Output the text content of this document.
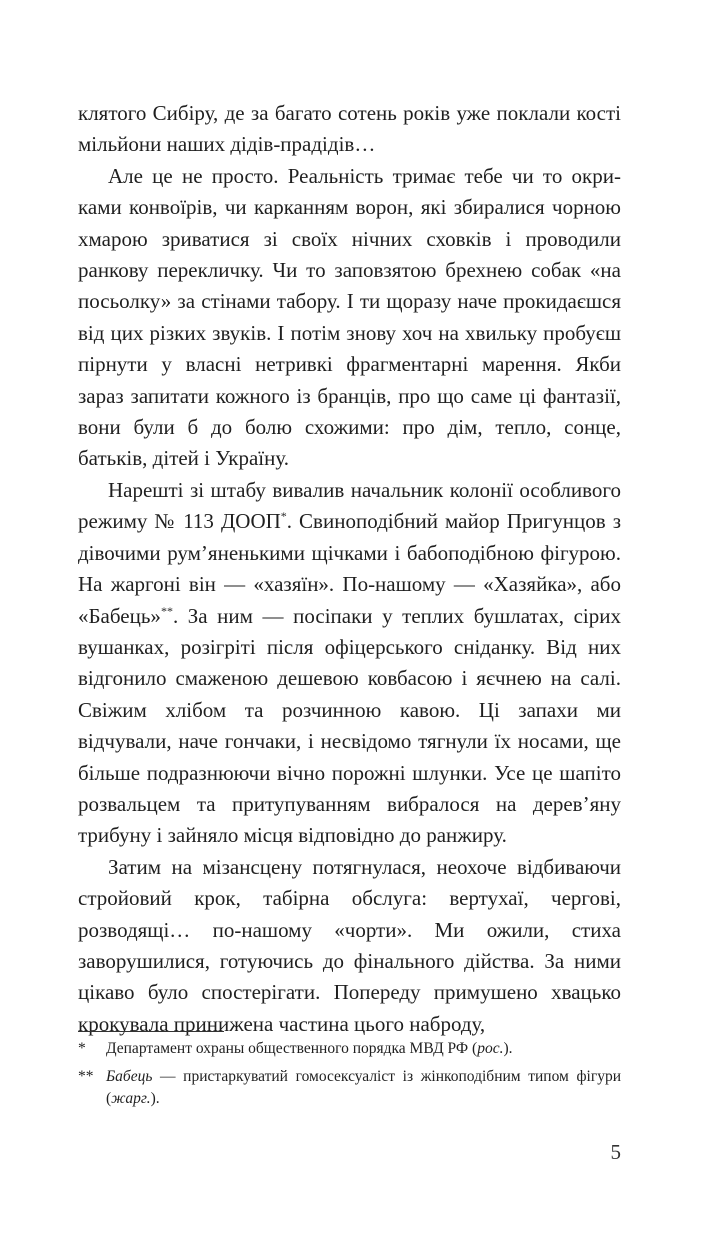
клятого Сибіру, де за багато сотень років уже поклали кості мільйони наших дідів-прадідів…

Але це не просто. Реальність тримає тебе чи то окриками конвоїрів, чи карканням ворон, які збиралися чорною хмарою зриватися зі своїх нічних сховків і проводили ранкову перекличку. Чи то заповзятою брехнею собак «на посьолку» за стінами табору. І ти щоразу наче прокидаєшся від цих різких звуків. І потім знову хоч на хвильку пробуєш пірнути у власні нетривкі фрагментарні марення. Якби зараз запитати кожного із бранців, про що саме ці фантазії, вони були б до болю схожими: про дім, тепло, сонце, батьків, дітей і Україну.

Нарешті зі штабу вивалив начальник колонії особливого режиму № 113 ДООП*. Свиноподібний майор Пригунцов з дівочими рум’яненькими щічками і бабоподібною фігурою. На жаргоні він — «хазяїн». По-нашому — «Хазяйка», або «Бабець»**. За ним — посіпаки у теплих бушлатах, сірих вушанках, розігріті після офіцерського сніданку. Від них відгонило смаженою дешевою ковбасою і яєчнею на салі. Свіжим хлібом та розчинною кавою. Ці запахи ми відчували, наче гончаки, і несвідомо тягнули їх носами, ще більше подразнюючи вічно порожні шлунки. Усе це шапіто розвальцем та притупуванням вибралося на дерев’яну трибуну і зайняло місця відповідно до ранжиру.

Затим на мізансцену потягнулася, неохоче відбиваючи стройовий крок, табірна обслуга: вертухаї, чергові, розводящі… по-нашому «чорти». Ми ожили, стиха заворушилися, готуючись до фінального дійства. За ними цікаво було спостерігати. Попереду примушено хвацько крокувала принижена частина цього наброду,

*	Департамент охраны общественного порядка МВД РФ (рос.).
** Бабець — пристаркуватий гомосексуаліст із жінкоподібним типом фігури (жарг.).
5
